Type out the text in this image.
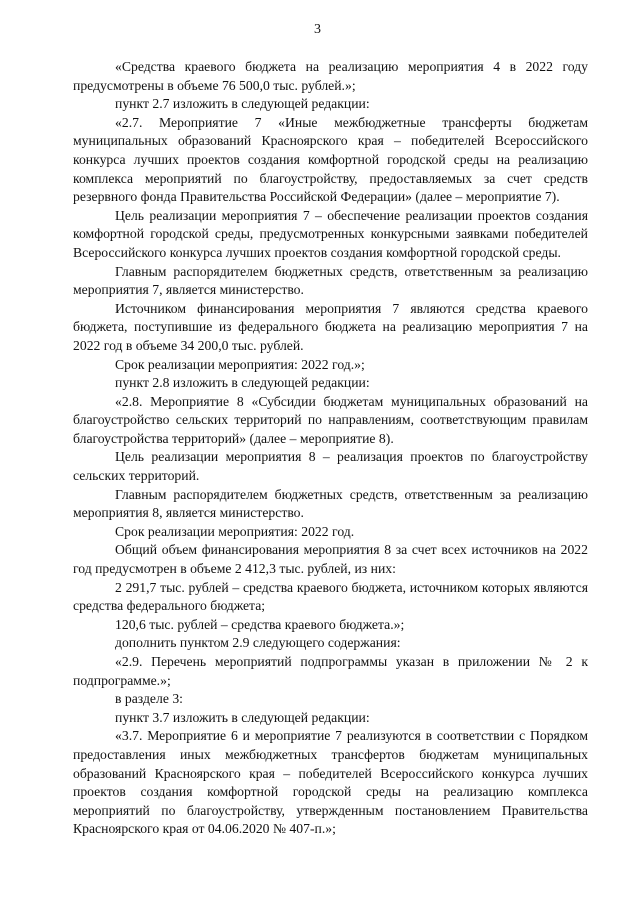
3

«Средства краевого бюджета на реализацию мероприятия 4 в 2022 году предусмотрены в объеме 76 500,0 тыс. рублей.»;

пункт 2.7 изложить в следующей редакции:

«2.7. Мероприятие 7 «Иные межбюджетные трансферты бюджетам муниципальных образований Красноярского края – победителей Всероссийского конкурса лучших проектов создания комфортной городской среды на реализацию комплекса мероприятий по благоустройству, предоставляемых за счет средств резервного фонда Правительства Российской Федерации» (далее – мероприятие 7).

Цель реализации мероприятия 7 – обеспечение реализации проектов создания комфортной городской среды, предусмотренных конкурсными заявками победителей Всероссийского конкурса лучших проектов создания комфортной городской среды.

Главным распорядителем бюджетных средств, ответственным за реализацию мероприятия 7, является министерство.

Источником финансирования мероприятия 7 являются средства краевого бюджета, поступившие из федерального бюджета на реализацию мероприятия 7 на 2022 год в объеме 34 200,0 тыс. рублей.

Срок реализации мероприятия: 2022 год.»;

пункт 2.8 изложить в следующей редакции:

«2.8. Мероприятие 8 «Субсидии бюджетам муниципальных образований на благоустройство сельских территорий по направлениям, соответствующим правилам благоустройства территорий» (далее – мероприятие 8).

Цель реализации мероприятия 8 – реализация проектов по благоустройству сельских территорий.

Главным распорядителем бюджетных средств, ответственным за реализацию мероприятия 8, является министерство.

Срок реализации мероприятия: 2022 год.

Общий объем финансирования мероприятия 8 за счет всех источников на 2022 год предусмотрен в объеме 2 412,3 тыс. рублей, из них:

2 291,7 тыс. рублей – средства краевого бюджета, источником которых являются средства федерального бюджета;

120,6 тыс. рублей – средства краевого бюджета.»;

дополнить пунктом 2.9 следующего содержания:

«2.9. Перечень мероприятий подпрограммы указан в приложении № 2 к подпрограмме.»;

в разделе 3:

пункт 3.7 изложить в следующей редакции:

«3.7. Мероприятие 6 и мероприятие 7 реализуются в соответствии с Порядком предоставления иных межбюджетных трансфертов бюджетам муниципальных образований Красноярского края – победителей Всероссийского конкурса лучших проектов создания комфортной городской среды на реализацию комплекса мероприятий по благоустройству, утвержденным постановлением Правительства Красноярского края от 04.06.2020 № 407-п.»;
